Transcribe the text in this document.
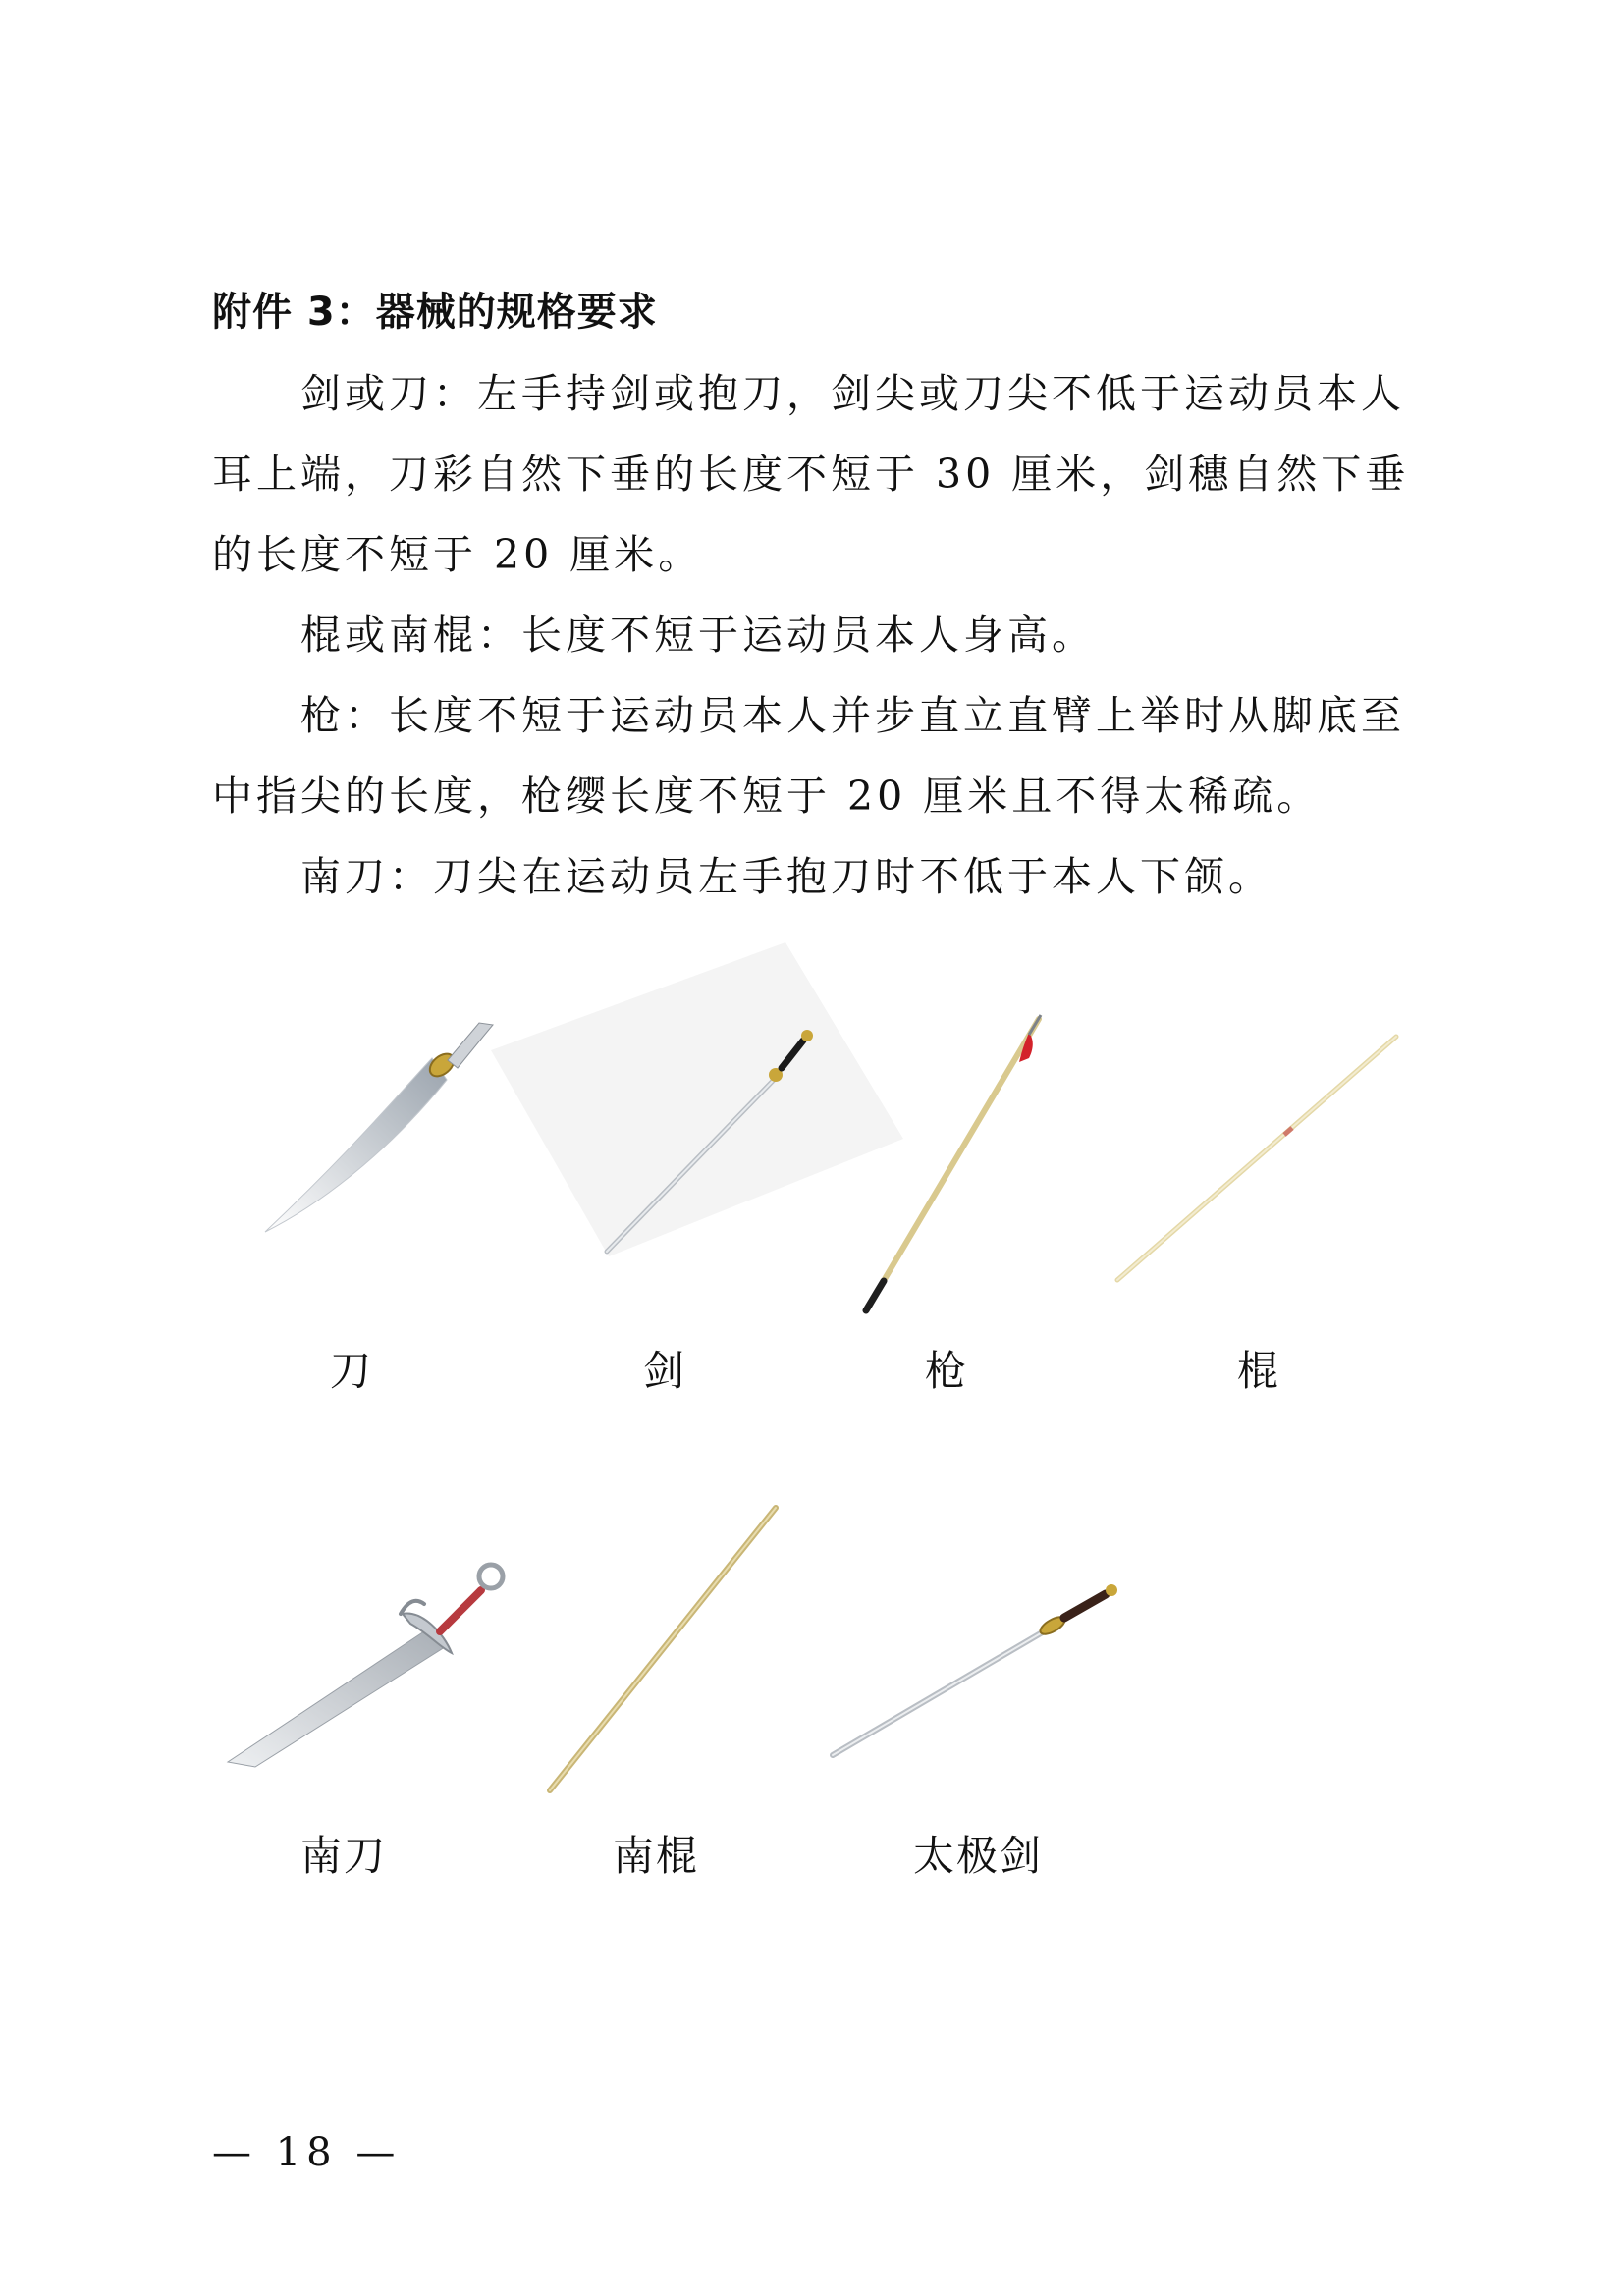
附件 3：器械的规格要求

剑或刀：左手持剑或抱刀，剑尖或刀尖不低于运动员本人耳上端，刀彩自然下垂的长度不短于 30 厘米，剑穗自然下垂的长度不短于 20 厘米。

棍或南棍：长度不短于运动员本人身高。

枪：长度不短于运动员本人并步直立直臂上举时从脚底至中指尖的长度，枪缨长度不短于 20 厘米且不得太稀疏。

南刀：刀尖在运动员左手抱刀时不低于本人下颌。

刀	剑	枪	棍
南刀	南棍	太极剑
— 18 —
